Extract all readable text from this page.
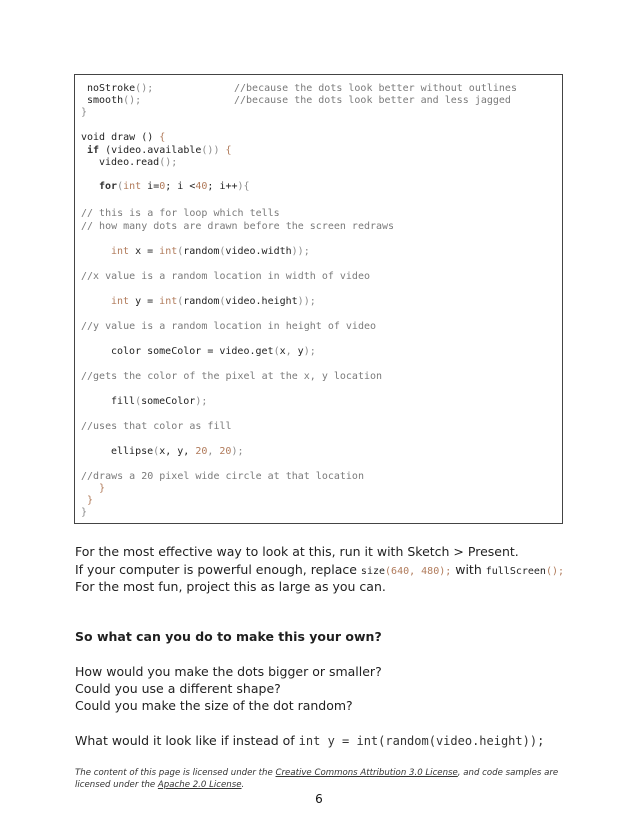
noStroke();	//because the dots look better without outlines
smooth();	//because the dots look better and less jagged
}
void draw () {
if (video.available()) {
video.read();
for(int i=0; i <40; i++){
// this is a for loop which tells
// how many dots are drawn before the screen redraws
int x = int(random(video.width));
//x value is a random location in width of video
int y = int(random(video.height));
//y value is a random location in height of video
color someColor = video.get(x, y);
//gets the color of the pixel at the x, y location
fill(someColor);
//uses that color as fill
ellipse(x, y, 20, 20);
//draws a 20 pixel wide circle at that location
}
}
}
For the most effective way to look at this, run it with Sketch > Present.
If your computer is powerful enough, replace size(640, 480); with fullScreen();
For the most fun, project this as large as you can.
So what can you do to make this your own?
How would you make the dots bigger or smaller?
Could you use a different shape?
Could you make the size of the dot random?
What would it look like if instead of int y = int(random(video.height));
The content of this page is licensed under the Creative Commons Attribution 3.0 License, and code samples are licensed under the Apache 2.0 License.
6
